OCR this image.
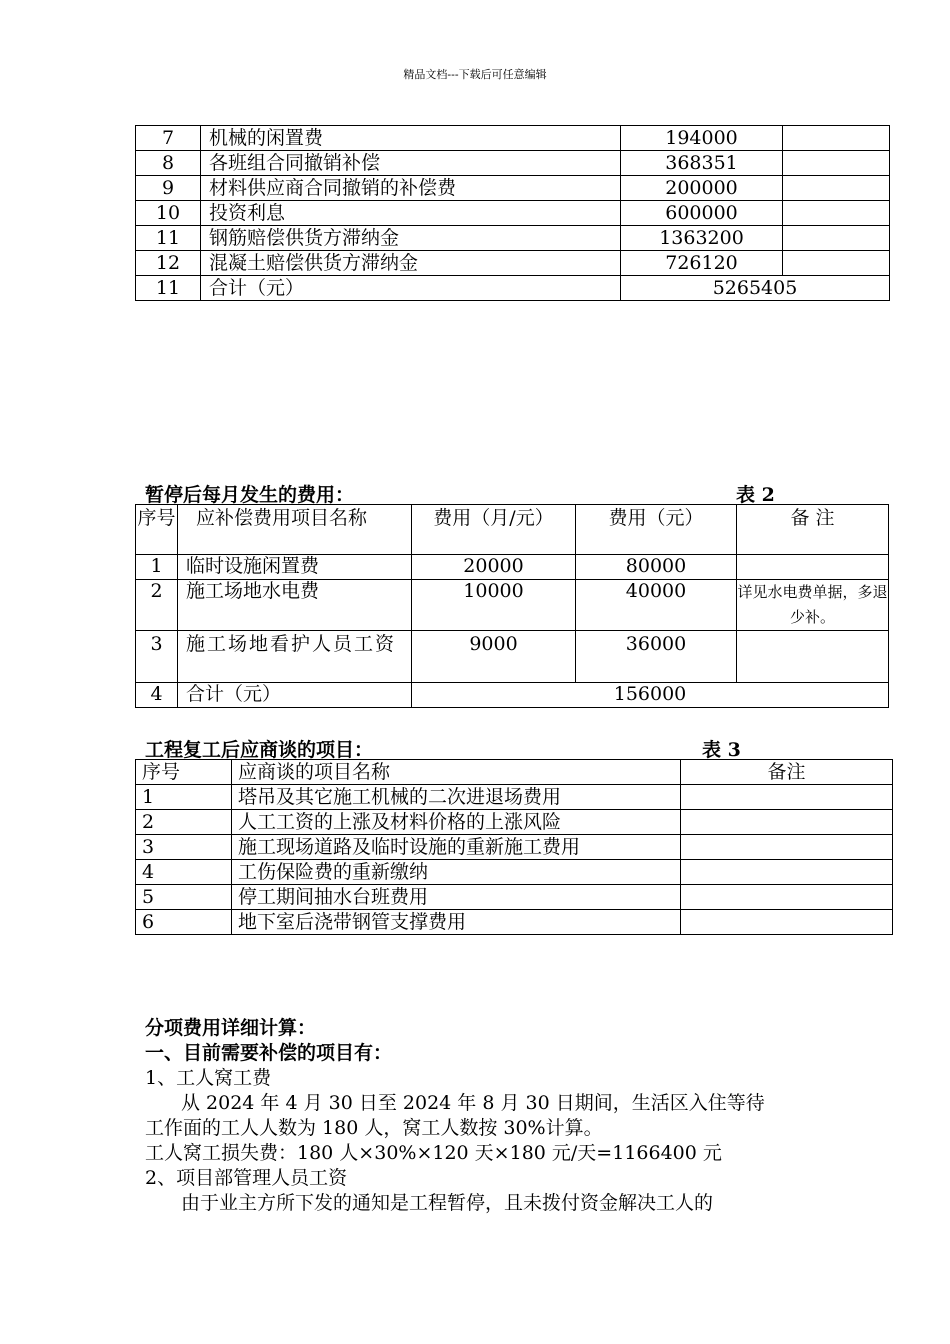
精品文档---下载后可任意编辑
7	机械的闲置费	194000	
8	各班组合同撤销补偿	368351	
9	材料供应商合同撤销的补偿费	200000	
10	投资利息	600000	
11	钢筋赔偿供货方滞纳金	1363200	
12	混凝土赔偿供货方滞纳金	726120	
11	合计（元）	5265405	
暂停后每月发生的费用：	表 2
序号	应补偿费用项目名称	费用（月/元）	费用（元）	备 注
1	临时设施闲置费	20000	80000	
2	施工场地水电费	10000	40000	详见水电费单据，多退少补。
3	施工场地看护人员工资	9000	36000	
4	合计（元）	156000		
工程复工后应商谈的项目：	表 3
序号	应商谈的项目名称	备注
1	塔吊及其它施工机械的二次进退场费用	
2	人工工资的上涨及材料价格的上涨风险	
3	施工现场道路及临时设施的重新施工费用	
4	工伤保险费的重新缴纳	
5	停工期间抽水台班费用	
6	地下室后浇带钢管支撑费用	
分项费用详细计算：
一、目前需要补偿的项目有：
1、工人窝工费
从 2024 年 4 月 30 日至 2024 年 8 月 30 日期间，生活区入住等待
工作面的工人人数为 180 人，窝工人数按 30%计算。
工人窝工损失费：180 人×30%×120 天×180 元/天=1166400 元
2、项目部管理人员工资
由于业主方所下发的通知是工程暂停，且未拨付资金解决工人的
